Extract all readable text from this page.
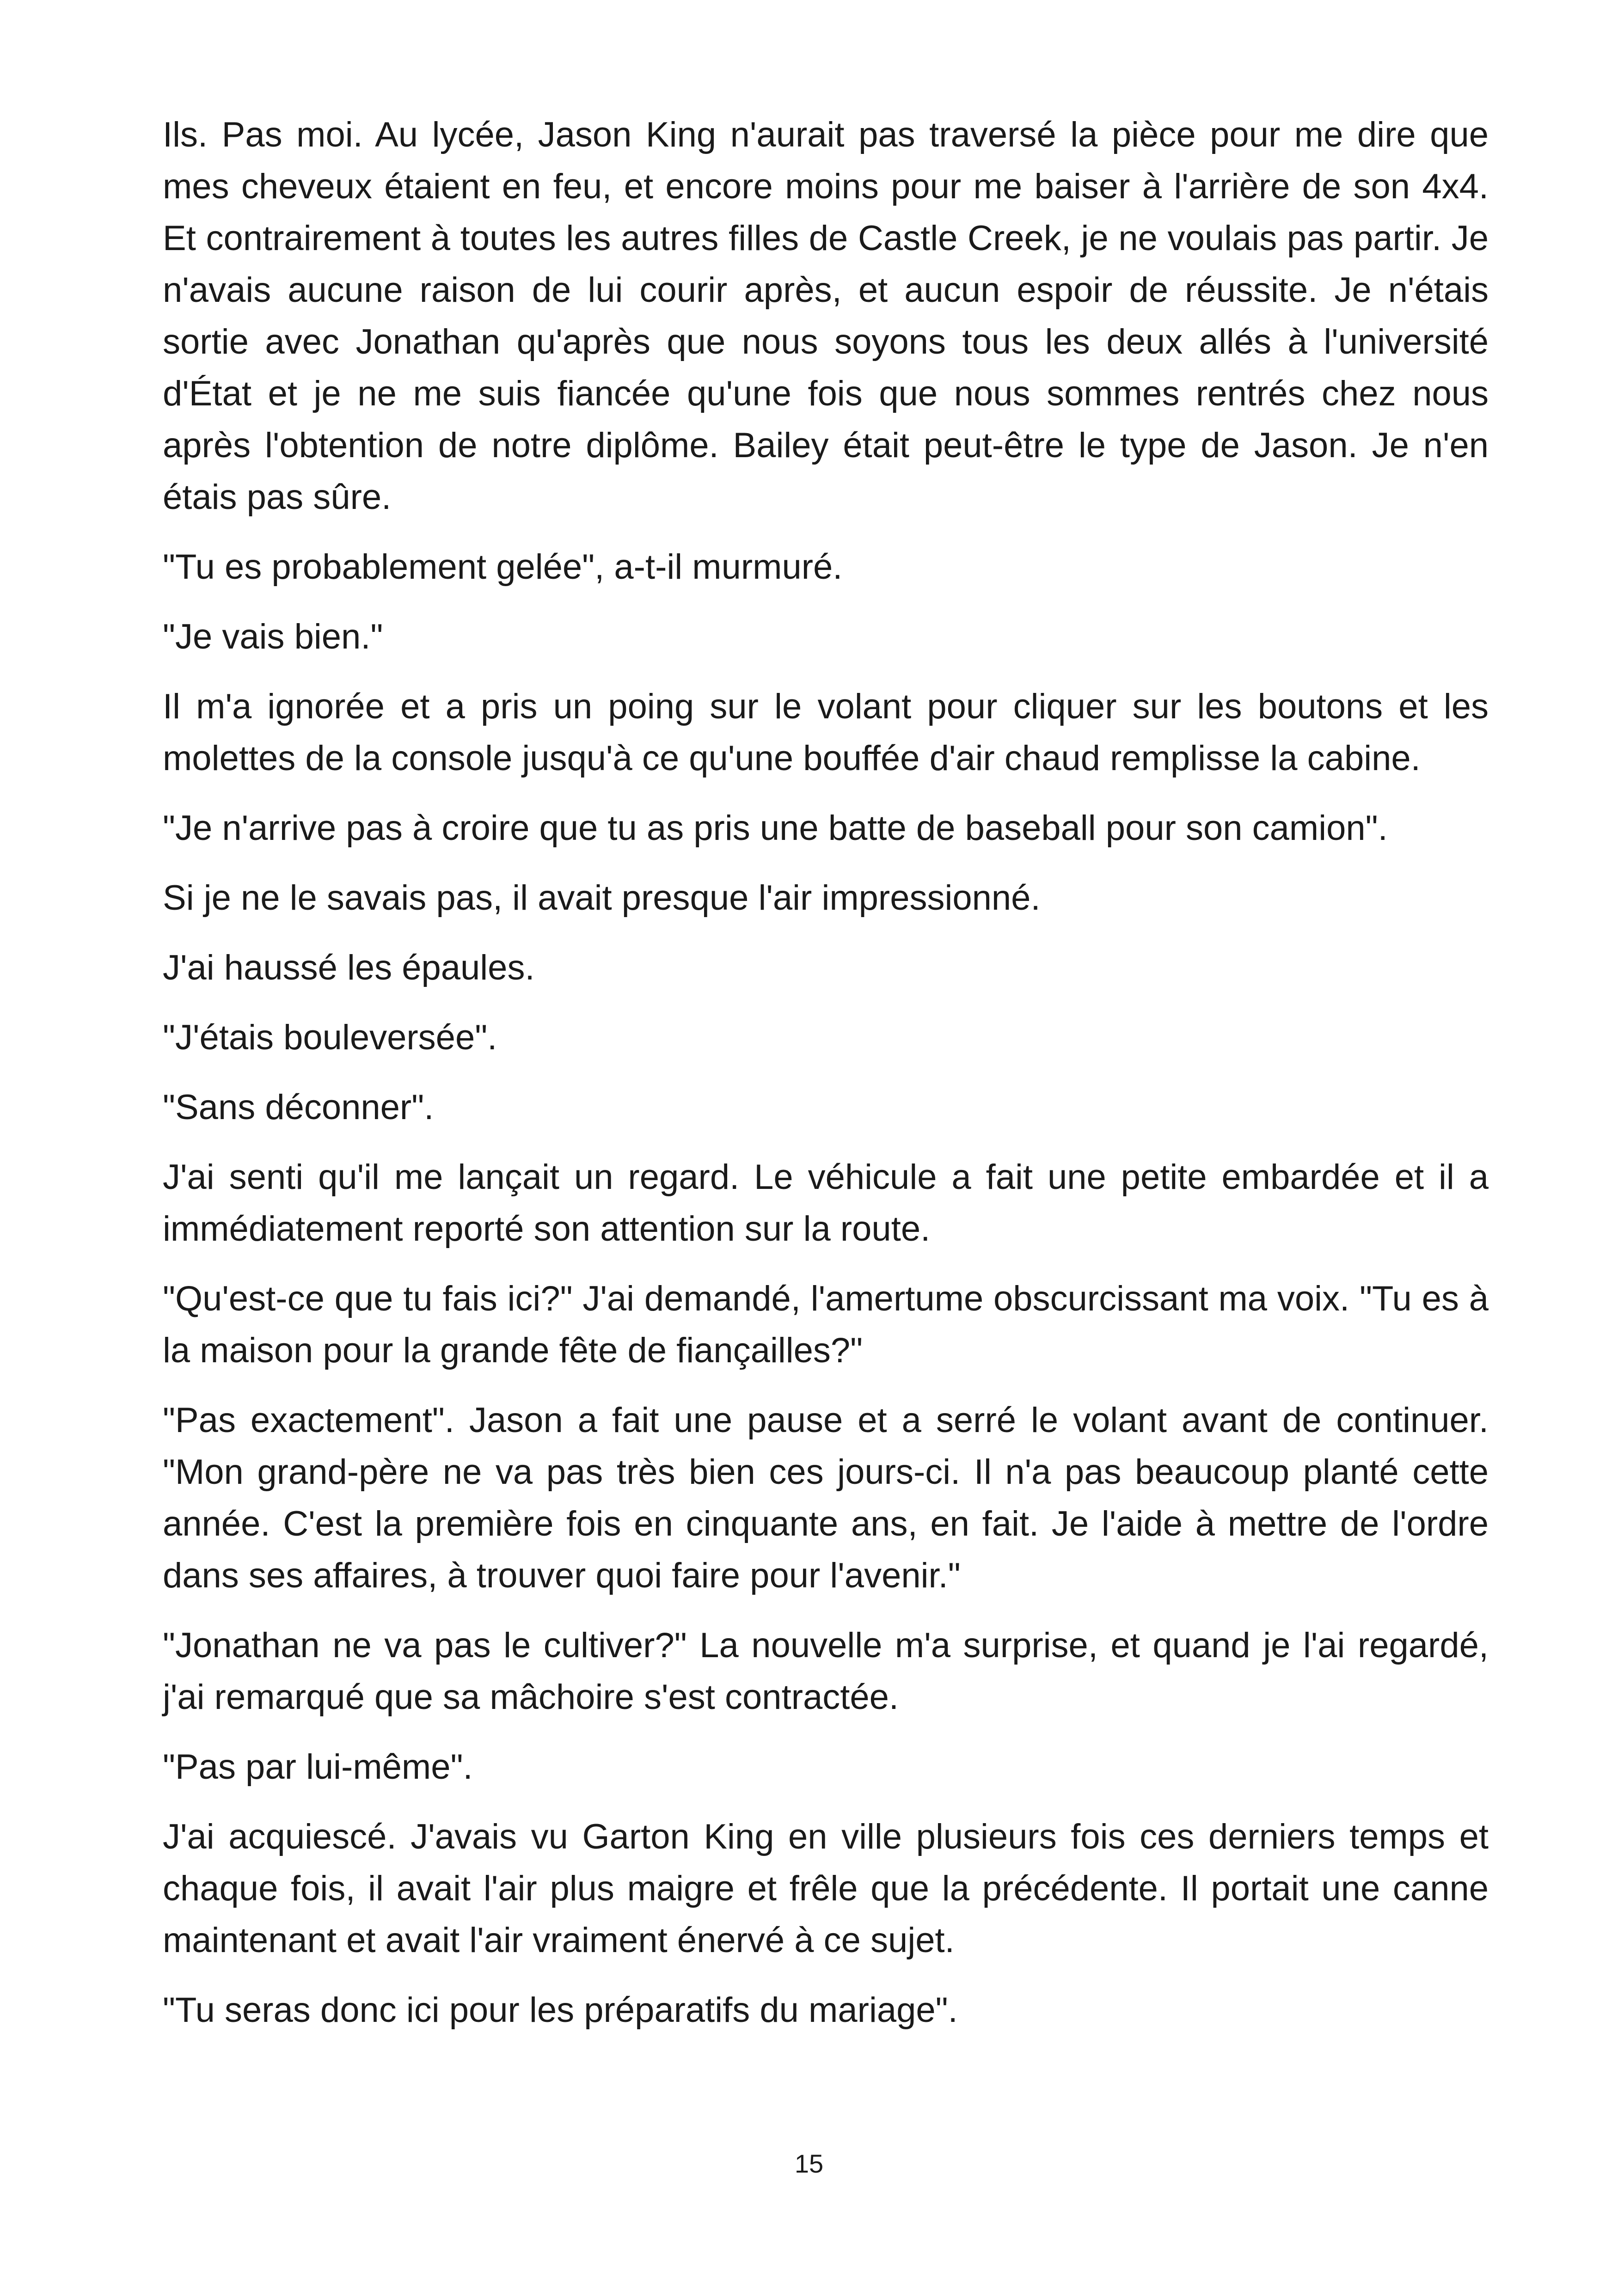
Ils. Pas moi. Au lycée, Jason King n'aurait pas traversé la pièce pour me dire que mes cheveux étaient en feu, et encore moins pour me baiser à l'arrière de son 4x4. Et contrairement à toutes les autres filles de Castle Creek, je ne voulais pas partir. Je n'avais aucune raison de lui courir après, et aucun espoir de réussite. Je n'étais sortie avec Jonathan qu'après que nous soyons tous les deux allés à l'université d'État et je ne me suis fiancée qu'une fois que nous sommes rentrés chez nous après l'obtention de notre diplôme. Bailey était peut-être le type de Jason. Je n'en étais pas sûre.

"Tu es probablement gelée", a-t-il murmuré.

"Je vais bien."

Il m'a ignorée et a pris un poing sur le volant pour cliquer sur les boutons et les molettes de la console jusqu'à ce qu'une bouffée d'air chaud remplisse la cabine.

"Je n'arrive pas à croire que tu as pris une batte de baseball pour son camion".

Si je ne le savais pas, il avait presque l'air impressionné.

J'ai haussé les épaules.

"J'étais bouleversée".

"Sans déconner".

J'ai senti qu'il me lançait un regard. Le véhicule a fait une petite embardée et il a immédiatement reporté son attention sur la route.

"Qu'est-ce que tu fais ici?" J'ai demandé, l'amertume obscurcissant ma voix. "Tu es à la maison pour la grande fête de fiançailles?"

"Pas exactement". Jason a fait une pause et a serré le volant avant de continuer. "Mon grand-père ne va pas très bien ces jours-ci. Il n'a pas beaucoup planté cette année. C'est la première fois en cinquante ans, en fait. Je l'aide à mettre de l'ordre dans ses affaires, à trouver quoi faire pour l'avenir."

"Jonathan ne va pas le cultiver?" La nouvelle m'a surprise, et quand je l'ai regardé, j'ai remarqué que sa mâchoire s'est contractée.

"Pas par lui-même".

J'ai acquiescé. J'avais vu Garton King en ville plusieurs fois ces derniers temps et chaque fois, il avait l'air plus maigre et frêle que la précédente. Il portait une canne maintenant et avait l'air vraiment énervé à ce sujet.

"Tu seras donc ici pour les préparatifs du mariage".

15
